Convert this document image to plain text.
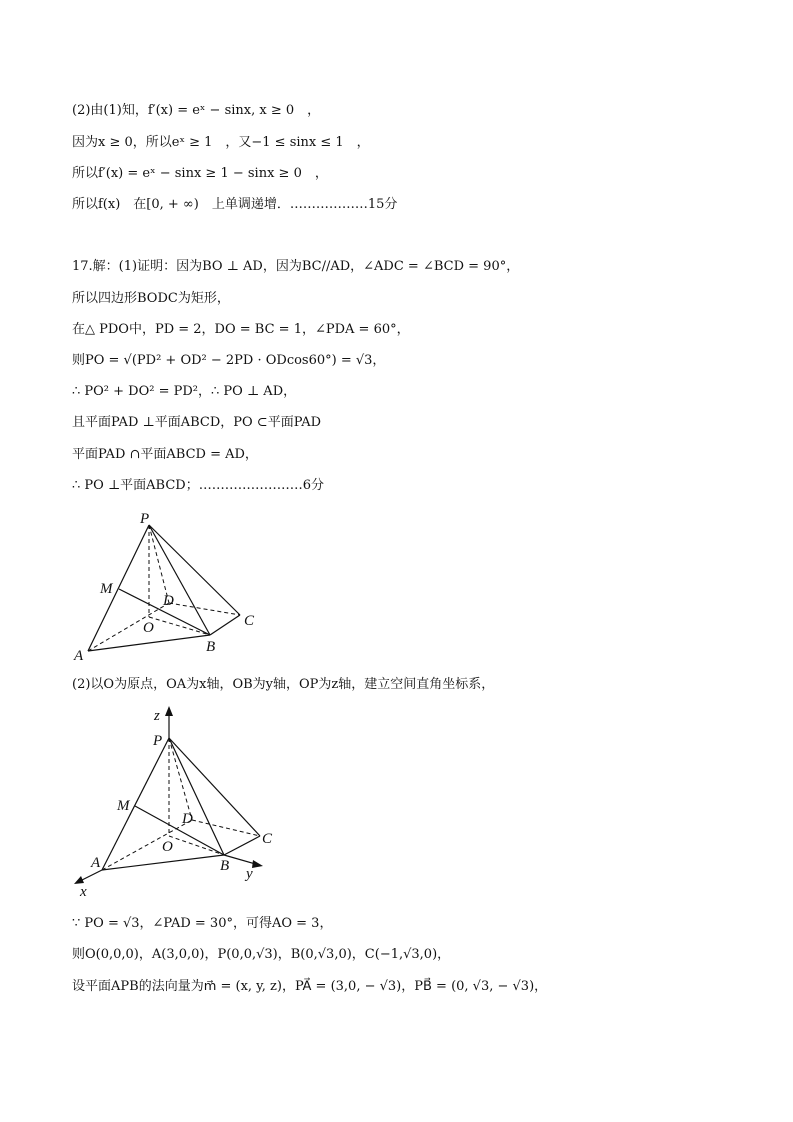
(2)由(1)知，f′(x) = eˣ − sinx, x ≥ 0　，
因为x ≥ 0，所以eˣ ≥ 1　，又−1 ≤ sinx ≤ 1　，
所以f′(x) = eˣ − sinx ≥ 1 − sinx ≥ 0　，
所以f(x)　在[0, + ∞)　上单调递增．………………15分
17.解：(1)证明：因为BO ⊥ AD，因为BC//AD，∠ADC = ∠BCD = 90°，
所以四边形BODC为矩形，
在△ PDO中，PD = 2，DO = BC = 1，∠PDA = 60°，
则PO = √(PD² + OD² − 2PD · ODcos60°) = √3，
∴ PO² + DO² = PD²，∴ PO ⊥ AD，
且平面PAD ⊥平面ABCD，PO ⊂平面PAD
平面PAD ∩平面ABCD = AD，
∴ PO ⊥平面ABCD；……………………6分
P
M
D
C
O
B
A
(2)以O为原点，OA为x轴，OB为y轴，OP为z轴，建立空间直角坐标系，
z
P
M
D
C
O
A	B y
x
∵ PO = √3，∠PAD = 30°，可得AO = 3，
则O(0,0,0)，A(3,0,0)，P(0,0,√3)，B(0,√3,0)，C(−1,√3,0)，
设平面APB的法向量为m⃗ = (x, y, z)，PA⃗ = (3,0, − √3)，PB⃗ = (0, √3, − √3)，
